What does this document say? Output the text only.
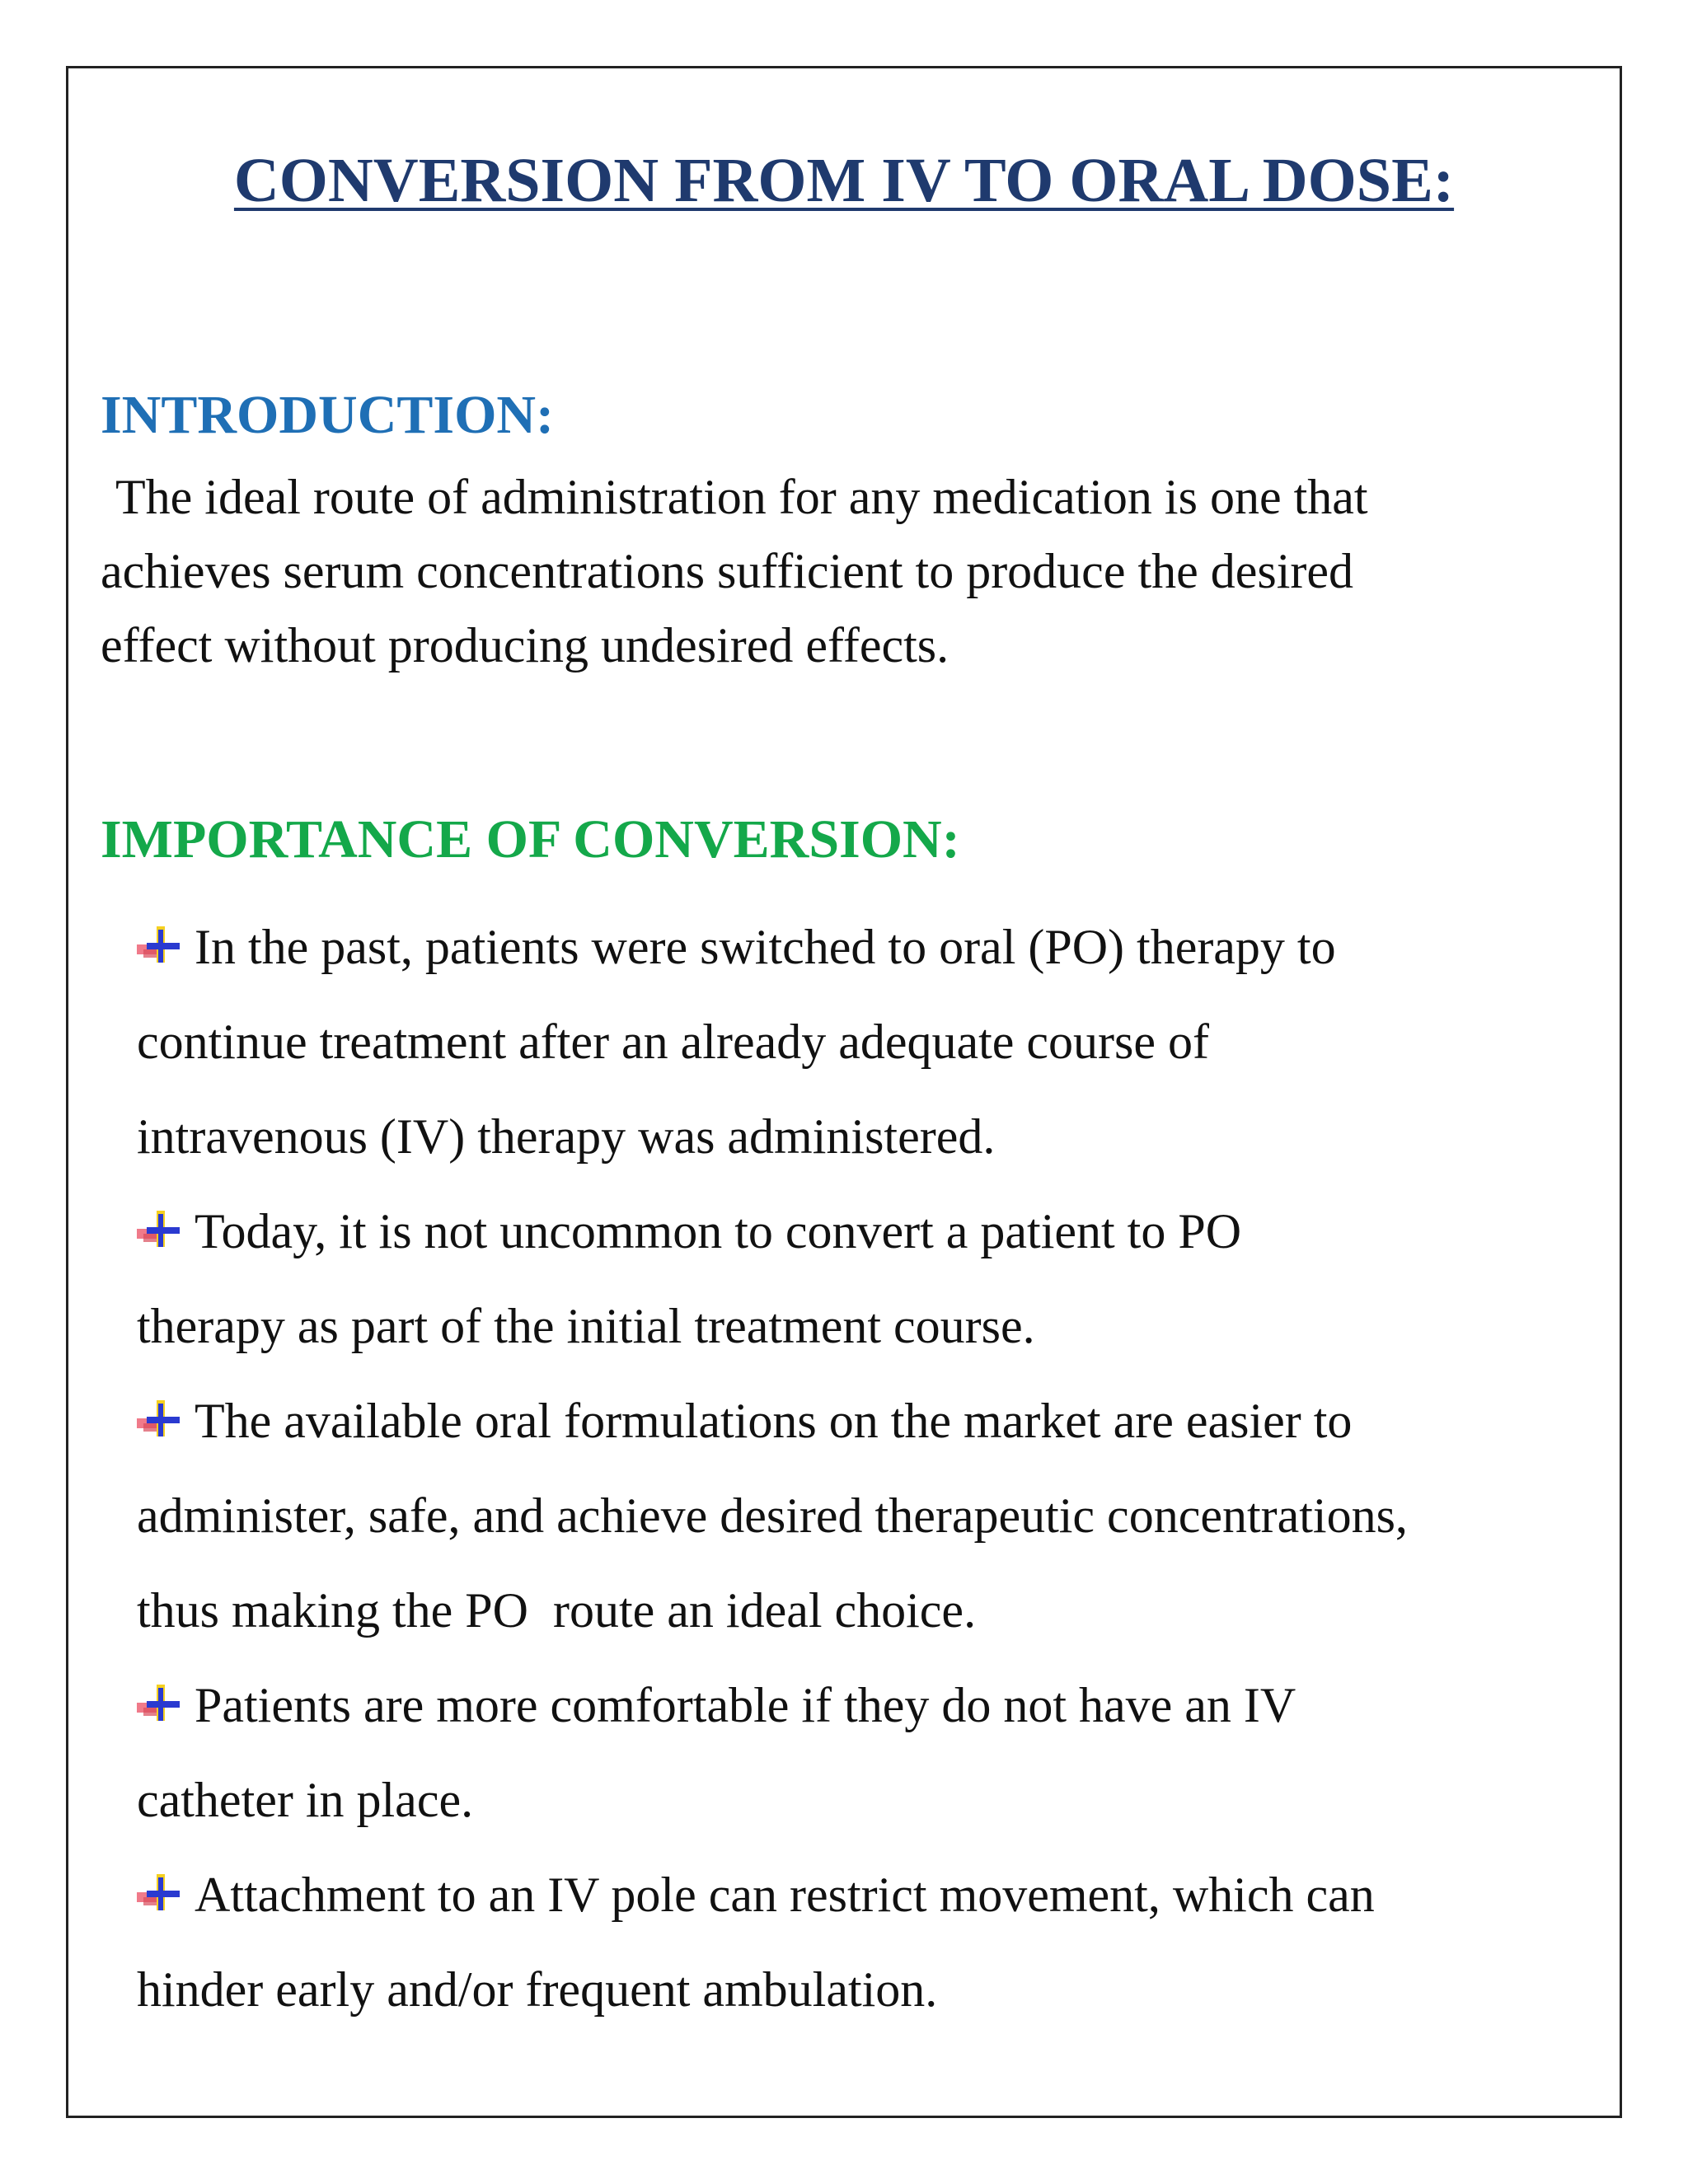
CONVERSION FROM IV TO ORAL DOSE:
INTRODUCTION:
The ideal route of administration for any medication is one that
achieves serum concentrations sufficient to produce the desired
effect without producing undesired effects.
IMPORTANCE OF CONVERSION:
In the past, patients were switched to oral (PO) therapy to
continue treatment after an already adequate course of
intravenous (IV) therapy was administered.
Today, it is not uncommon to convert a patient to PO
therapy as part of the initial treatment course.
The available oral formulations on the market are easier to
administer, safe, and achieve desired therapeutic concentrations,
thus making the PO  route an ideal choice.
Patients are more comfortable if they do not have an IV
catheter in place.
Attachment to an IV pole can restrict movement, which can
hinder early and/or frequent ambulation.
